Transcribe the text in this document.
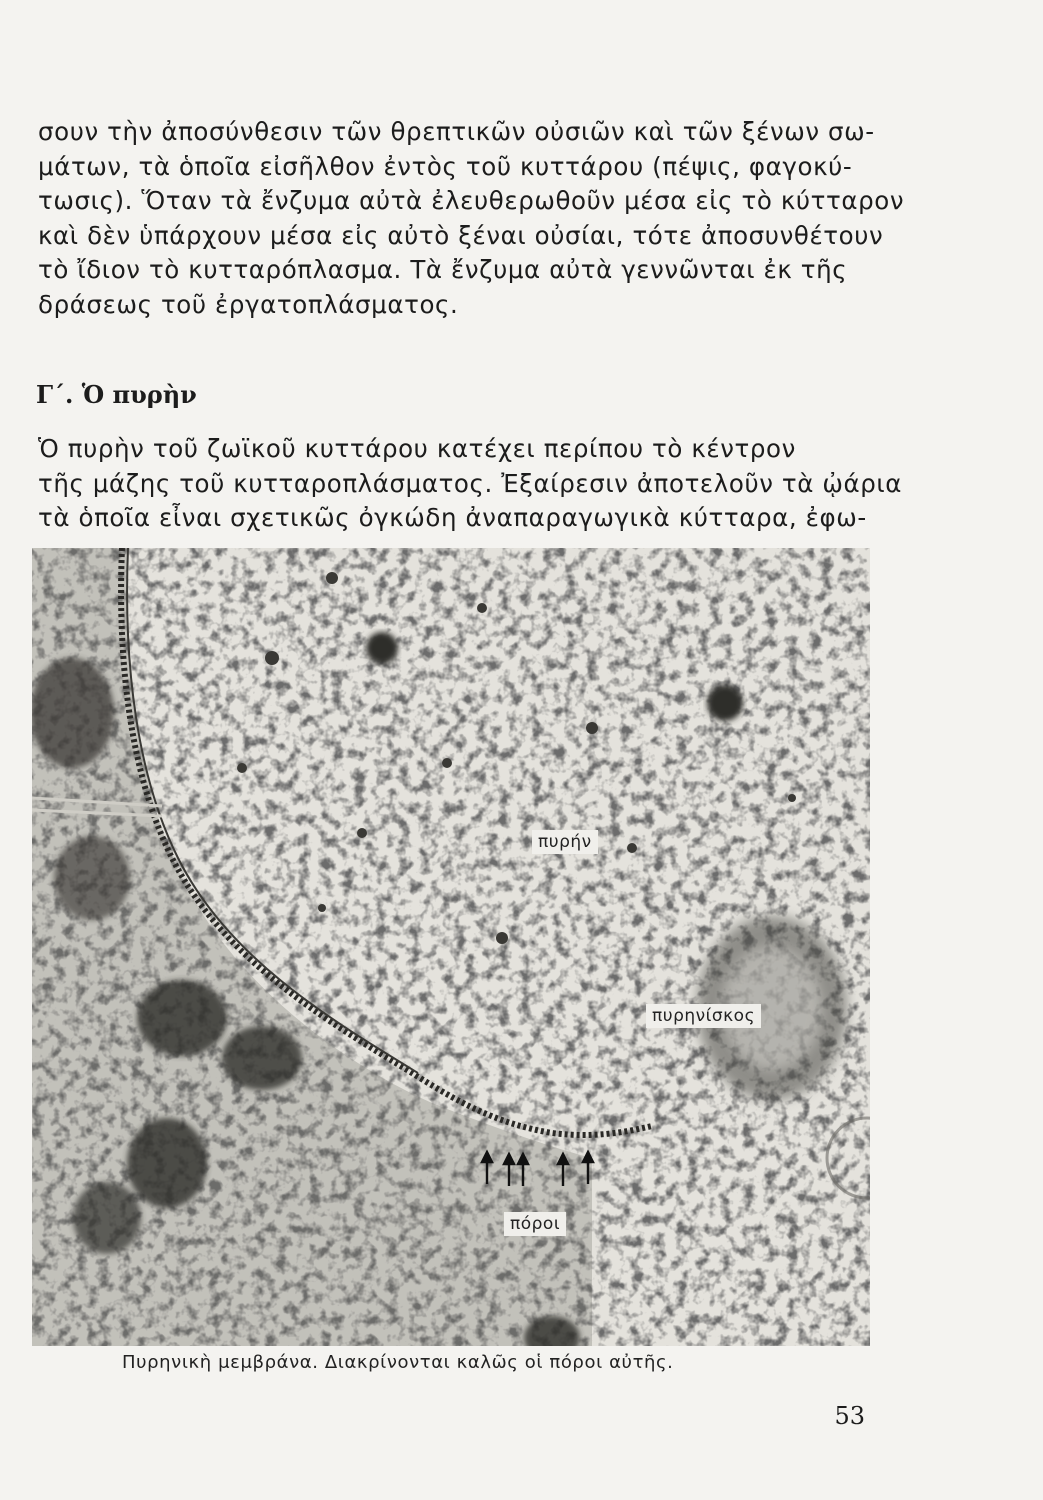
σουν τὴν ἀποσύνθεσιν τῶν θρεπτικῶν οὐσιῶν καὶ τῶν ξένων σω-
μάτων, τὰ ὁποῖα εἰσῆλθον ἐντὸς τοῦ κυττάρου (πέψις, φαγοκύ-
τωσις). Ὅταν τὰ ἔνζυμα αὐτὰ ἐλευθερωθοῦν μέσα εἰς τὸ κύτταρον
καὶ δὲν ὑπάρχουν μέσα εἰς αὐτὸ ξέναι οὐσίαι, τότε ἀποσυνθέτουν
τὸ ἴδιον τὸ κυτταρόπλασμα. Τὰ ἔνζυμα αὐτὰ γεννῶνται ἐκ τῆς
δράσεως τοῦ ἐργατοπλάσματος.
Γ΄. Ὁ πυρὴν
Ὁ πυρὴν τοῦ ζωϊκοῦ κυττάρου κατέχει περίπου τὸ κέντρον
τῆς μάζης τοῦ κυτταροπλάσματος. Ἐξαίρεσιν ἀποτελοῦν τὰ ᾠάρια
τὰ ὁποῖα εἶναι σχετικῶς ὀγκώδη ἀναπαραγωγικὰ κύτταρα, ἐφω-
πυρήν
πυρηνίσκος
πόροι
Πυρηνικὴ μεμβράνα. Διακρίνονται καλῶς οἱ πόροι αὐτῆς.
53
